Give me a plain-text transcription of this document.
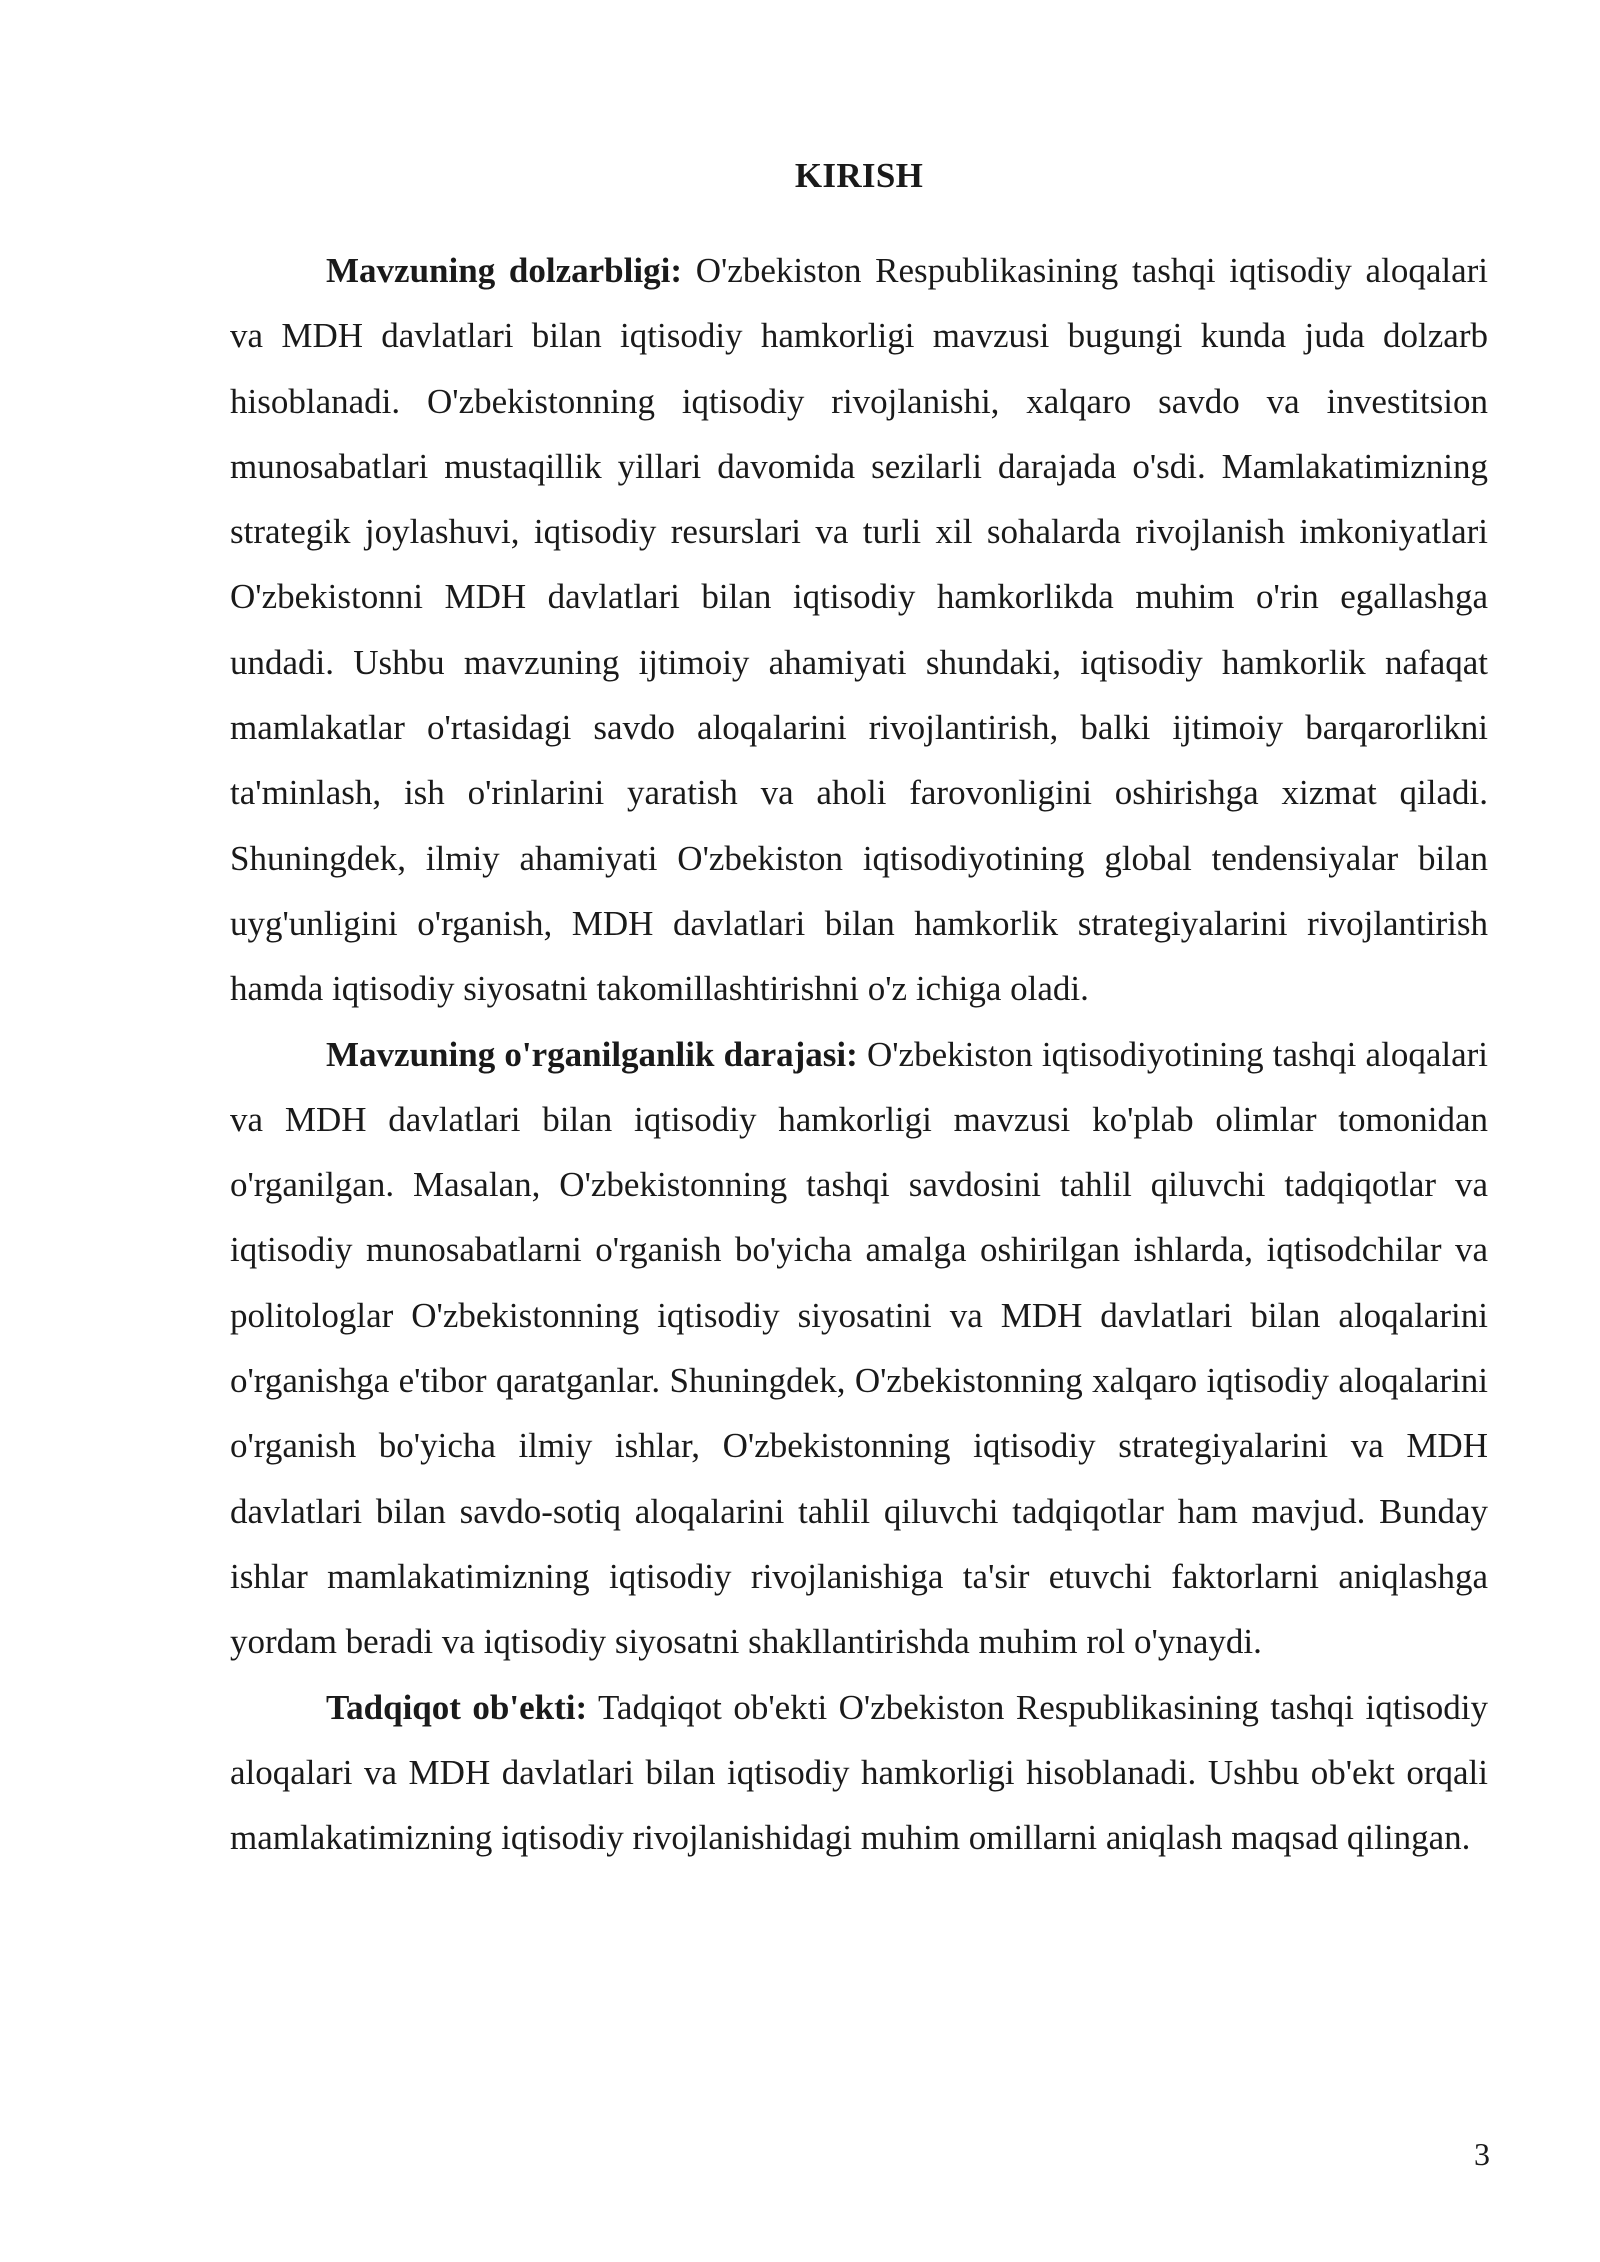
KIRISH

Mavzuning dolzarbligi: O'zbekiston Respublikasining tashqi iqtisodiy aloqalari va MDH davlatlari bilan iqtisodiy hamkorligi mavzusi bugungi kunda juda dolzarb hisoblanadi. O'zbekistonning iqtisodiy rivojlanishi, xalqaro savdo va investitsion munosabatlari mustaqillik yillari davomida sezilarli darajada o'sdi. Mamlakatimizning strategik joylashuvi, iqtisodiy resurslari va turli xil sohalarda rivojlanish imkoniyatlari O'zbekistonni MDH davlatlari bilan iqtisodiy hamkorlikda muhim o'rin egallashga undadi. Ushbu mavzuning ijtimoiy ahamiyati shundaki, iqtisodiy hamkorlik nafaqat mamlakatlar o'rtasidagi savdo aloqalarini rivojlantirish, balki ijtimoiy barqarorlikni ta'minlash, ish o'rinlarini yaratish va aholi farovonligini oshirishga xizmat qiladi. Shuningdek, ilmiy ahamiyati O'zbekiston iqtisodiyotining global tendensiyalar bilan uyg'unligini o'rganish, MDH davlatlari bilan hamkorlik strategiyalarini rivojlantirish hamda iqtisodiy siyosatni takomillashtirishni o'z ichiga oladi.

Mavzuning o'rganilganlik darajasi: O'zbekiston iqtisodiyotining tashqi aloqalari va MDH davlatlari bilan iqtisodiy hamkorligi mavzusi ko'plab olimlar tomonidan o'rganilgan. Masalan, O'zbekistonning tashqi savdosini tahlil qiluvchi tadqiqotlar va iqtisodiy munosabatlarni o'rganish bo'yicha amalga oshirilgan ishlarda, iqtisodchilar va politologlar O'zbekistonning iqtisodiy siyosatini va MDH davlatlari bilan aloqalarini o'rganishga e'tibor qaratganlar. Shuningdek, O'zbekistonning xalqaro iqtisodiy aloqalarini o'rganish bo'yicha ilmiy ishlar, O'zbekistonning iqtisodiy strategiyalarini va MDH davlatlari bilan savdo-sotiq aloqalarini tahlil qiluvchi tadqiqotlar ham mavjud. Bunday ishlar mamlakatimizning iqtisodiy rivojlanishiga ta'sir etuvchi faktorlarni aniqlashga yordam beradi va iqtisodiy siyosatni shakllantirishda muhim rol o'ynaydi.

Tadqiqot ob'ekti: Tadqiqot ob'ekti O'zbekiston Respublikasining tashqi iqtisodiy aloqalari va MDH davlatlari bilan iqtisodiy hamkorligi hisoblanadi. Ushbu ob'ekt orqali mamlakatimizning iqtisodiy rivojlanishidagi muhim omillarni aniqlash maqsad qilingan.

3
